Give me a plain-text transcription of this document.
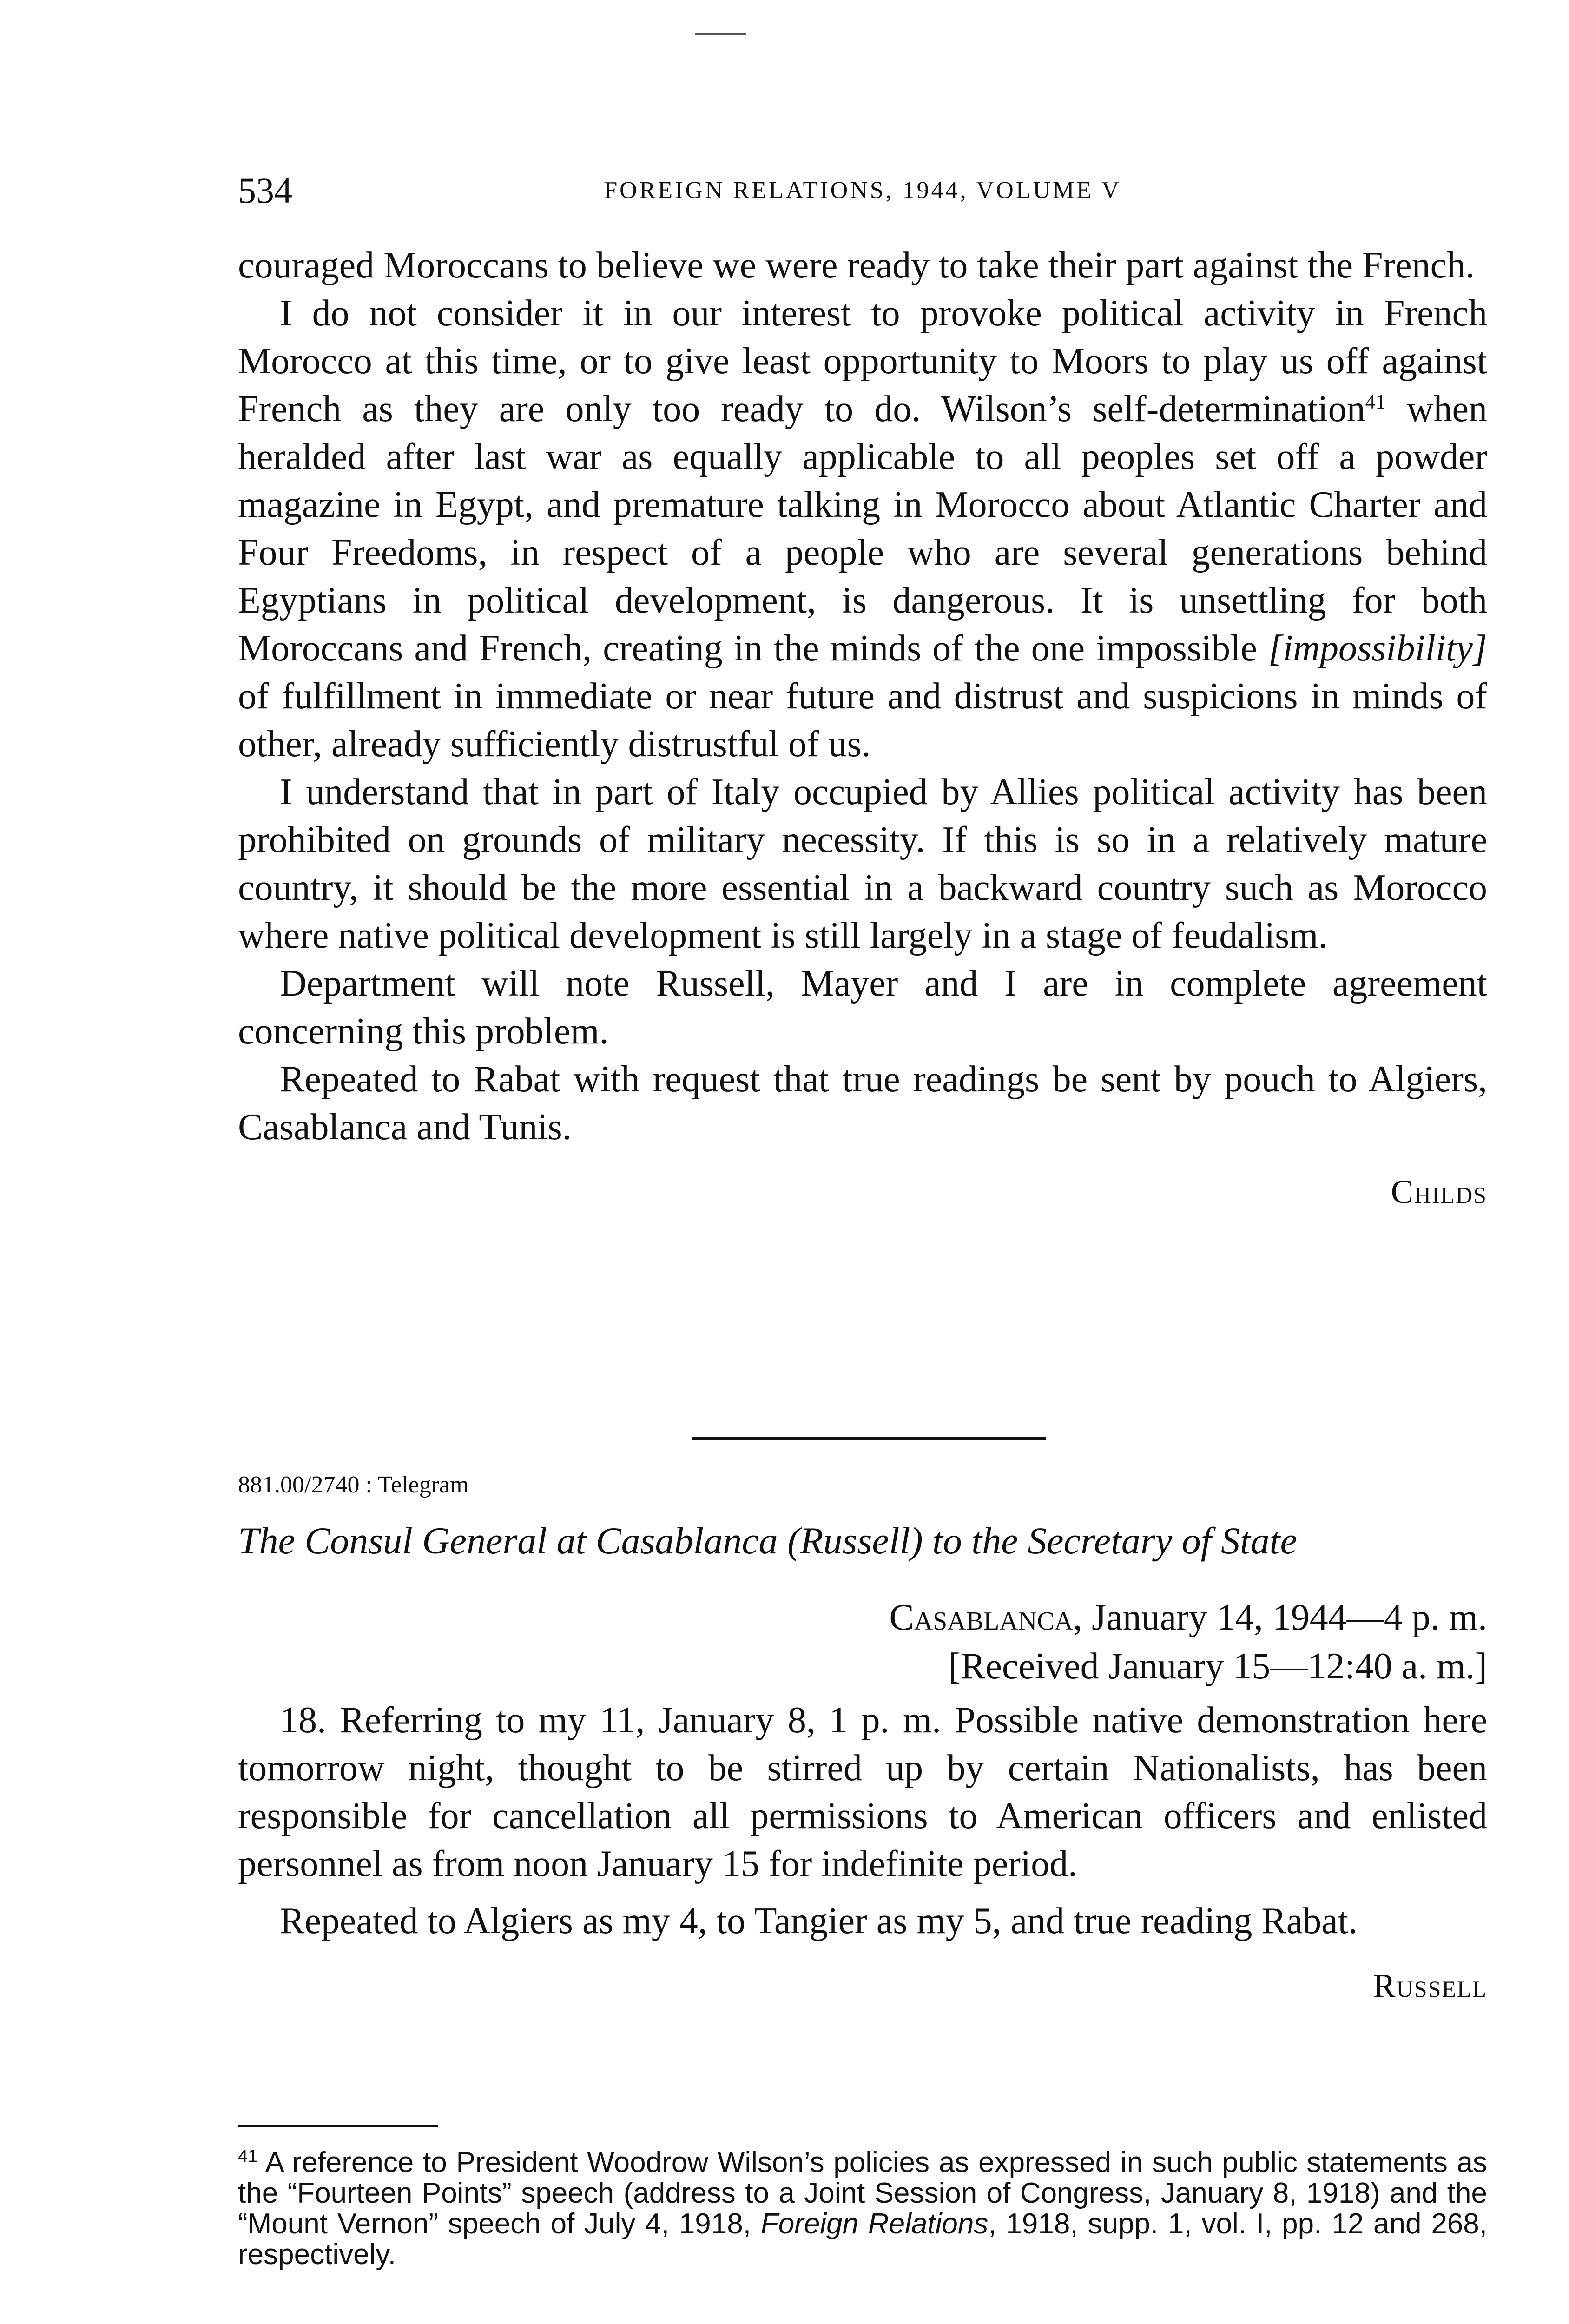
534	FOREIGN RELATIONS, 1944, VOLUME V

couraged Moroccans to believe we were ready to take their part against the French.

I do not consider it in our interest to provoke political activity in French Morocco at this time, or to give least opportunity to Moors to play us off against French as they are only too ready to do. Wilson’s self-determination$^{41}$ when heralded after last war as equally applicable to all peoples set off a powder magazine in Egypt, and premature talking in Morocco about Atlantic Charter and Four Freedoms, in respect of a people who are several generations behind Egyptians in political development, is dangerous. It is unsettling for both Moroccans and French, creating in the minds of the one impossible [impossibility] of fulfillment in immediate or near future and distrust and suspicions in minds of other, already sufficiently distrustful of us.

I understand that in part of Italy occupied by Allies political activity has been prohibited on grounds of military necessity. If this is so in a relatively mature country, it should be the more essential in a backward country such as Morocco where native political development is still largely in a stage of feudalism.

Department will note Russell, Mayer and I are in complete agreement concerning this problem.

Repeated to Rabat with request that true readings be sent by pouch to Algiers, Casablanca and Tunis.

Childs

881.00/2740 : Telegram
The Consul General at Casablanca (Russell) to the Secretary of State
Casablanca, January 14, 1944—4 p. m.
[Received January 15—12:40 a. m.]

18. Referring to my 11, January 8, 1 p. m. Possible native demonstration here tomorrow night, thought to be stirred up by certain Nationalists, has been responsible for cancellation all permissions to American officers and enlisted personnel as from noon January 15 for indefinite period.

Repeated to Algiers as my 4, to Tangier as my 5, and true reading Rabat.

Russell

$^{41}$ A reference to President Woodrow Wilson’s policies as expressed in such public statements as the “Fourteen Points” speech (address to a Joint Session of Congress, January 8, 1918) and the “Mount Vernon” speech of July 4, 1918, Foreign Relations, 1918, supp. 1, vol. I, pp. 12 and 268, respectively.
